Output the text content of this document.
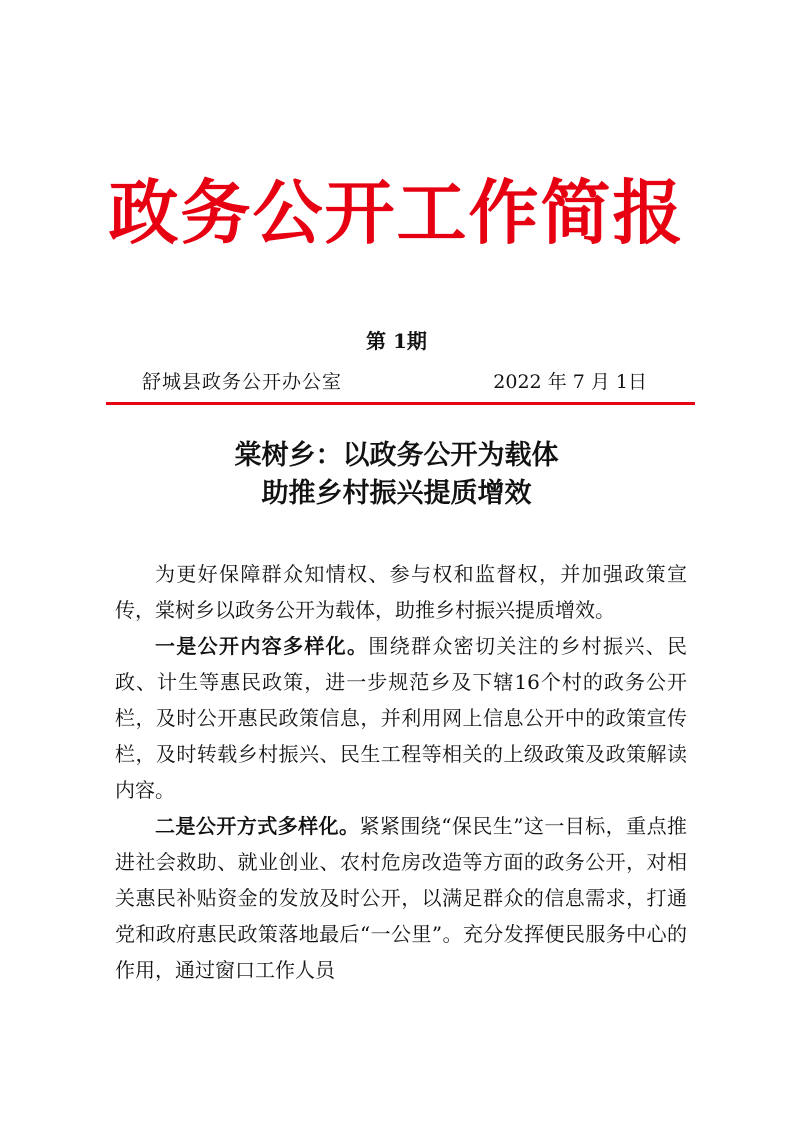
政务公开工作简报
第 1期
舒城县政务公开办公室	2022 年 7 月 1日
棠树乡：以政务公开为载体
助推乡村振兴提质增效

为更好保障群众知情权、参与权和监督权，并加强政策宣传，棠树乡以政务公开为载体，助推乡村振兴提质增效。

一是公开内容多样化。围绕群众密切关注的乡村振兴、民政、计生等惠民政策，进一步规范乡及下辖16个村的政务公开栏，及时公开惠民政策信息，并利用网上信息公开中的政策宣传栏，及时转载乡村振兴、民生工程等相关的上级政策及政策解读内容。

二是公开方式多样化。紧紧围绕“保民生”这一目标，重点推进社会救助、就业创业、农村危房改造等方面的政务公开，对相关惠民补贴资金的发放及时公开，以满足群众的信息需求，打通党和政府惠民政策落地最后“一公里”。充分发挥便民服务中心的作用，通过窗口工作人员
